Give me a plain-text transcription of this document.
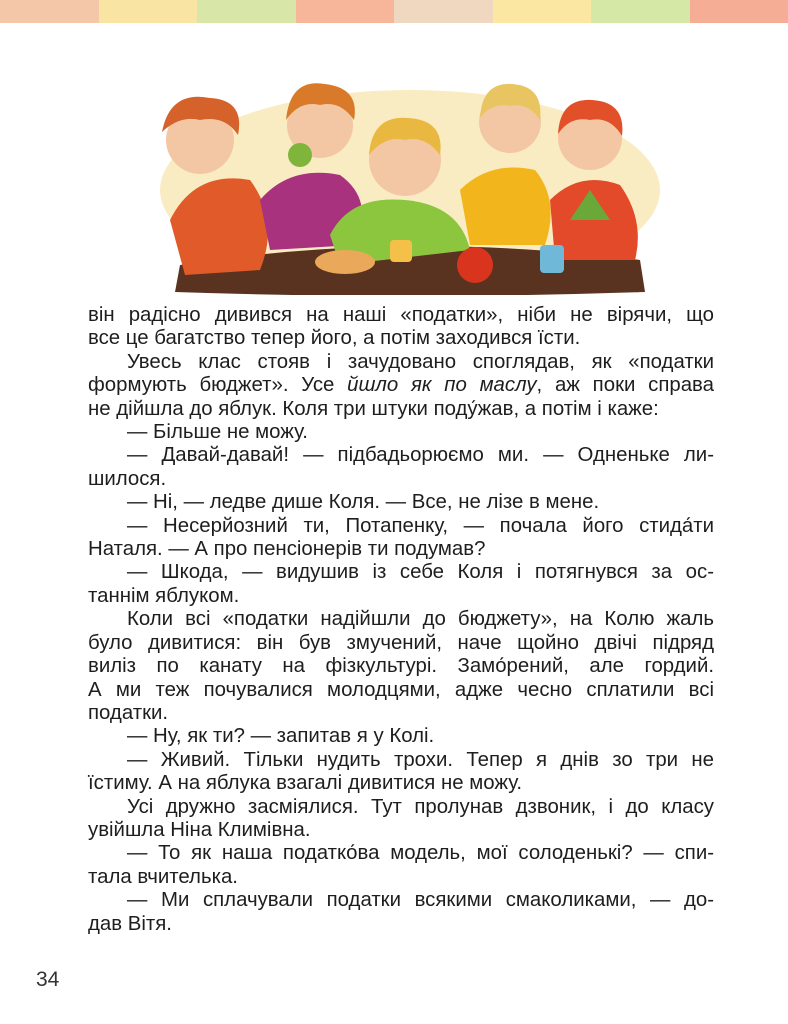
він радісно дивився на наші «податки», ніби не вірячи, що

все це багатство тепер його, а потім заходився їсти.

Увесь клас стояв і зачудовано споглядав, як «податки

формують бюджет». Усе йшло як по маслу, аж поки справа

не дійшла до яблук. Коля три штуки поду́жав, а потім і каже:

— Більше не можу.

— Давай-давай! — підбадьорюємо ми. — Одненьке ли-

шилося.

— Ні, — ледве дише Коля. — Все, не лізе в мене.

— Несерйозний ти, Потапенку, — почала його стида́ти

Наталя. — А про пенсіонерів ти подумав?

— Шкода, — видушив із себе Коля і потягнувся за ос-

таннім яблуком.

Коли всі «податки надійшли до бюджету», на Колю жаль

було дивитися: він був змучений, наче щойно двічі підряд

виліз по канату на фізкультурі. Замо́рений, але гордий.

А ми теж почувалися молодцями, адже чесно сплатили всі

податки.

— Ну, як ти? — запитав я у Колі.

— Живий. Тільки нудить трохи. Тепер я днів зо три не

їстиму. А на яблука взагалі дивитися не можу.

Усі дружно засміялися. Тут пролунав дзвоник, і до класу

увійшла Ніна Климівна.

— То як наша податко́ва модель, мої солоденькі? — спи-

тала вчителька.

— Ми сплачували податки всякими смаколиками, — до-

дав Вітя.

34
